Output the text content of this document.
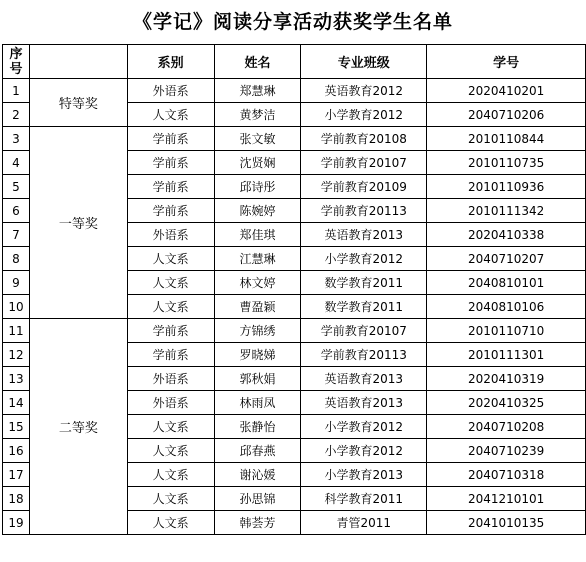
《学记》阅读分享活动获奖学生名单
序号		系别	姓名	专业班级	学号
1	特等奖	外语系	郑慧琳	英语教育2012	2020410201
2		人文系	黄梦洁	小学教育2012	2040710206
3	一等奖	学前系	张文敏	学前教育20108	2010110844
4		学前系	沈贤娴	学前教育20107	2010110735
5		学前系	邱诗彤	学前教育20109	2010110936
6		学前系	陈婉婷	学前教育20113	2010111342
7		外语系	郑佳琪	英语教育2013	2020410338
8		人文系	江慧琳	小学教育2012	2040710207
9		人文系	林文婷	数学教育2011	2040810101
10		人文系	曹盈颖	数学教育2011	2040810106
11	二等奖	学前系	方锦绣	学前教育20107	2010110710
12		学前系	罗晓娣	学前教育20113	2010111301
13		外语系	郭秋娟	英语教育2013	2020410319
14		外语系	林雨凤	英语教育2013	2020410325
15		人文系	张静怡	小学教育2012	2040710208
16		人文系	邱春燕	小学教育2012	2040710239
17		人文系	谢沁媛	小学教育2013	2040710318
18		人文系	孙思锦	科学教育2011	2041210101
19		人文系	韩荟芳	青管2011	2041010135
